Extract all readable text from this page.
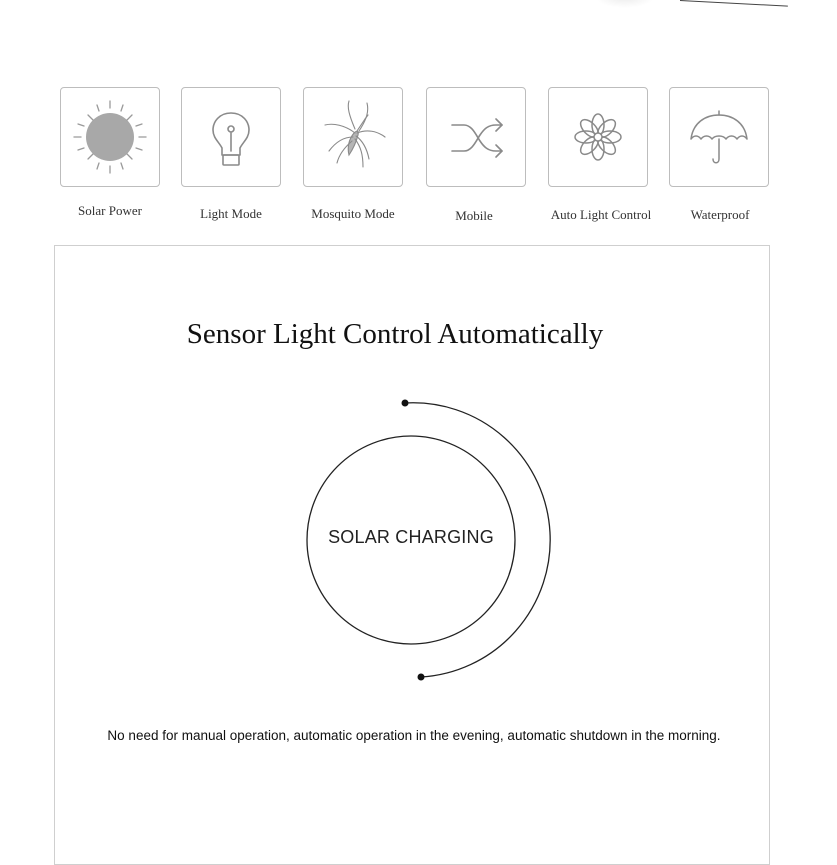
Solar Power	Light Mode	Mosquito Mode	Mobile	Auto Light Control	Waterproof
Sensor Light Control Automatically
SOLAR CHARGING
No need for manual operation, automatic operation in the evening, automatic shutdown in the morning.
